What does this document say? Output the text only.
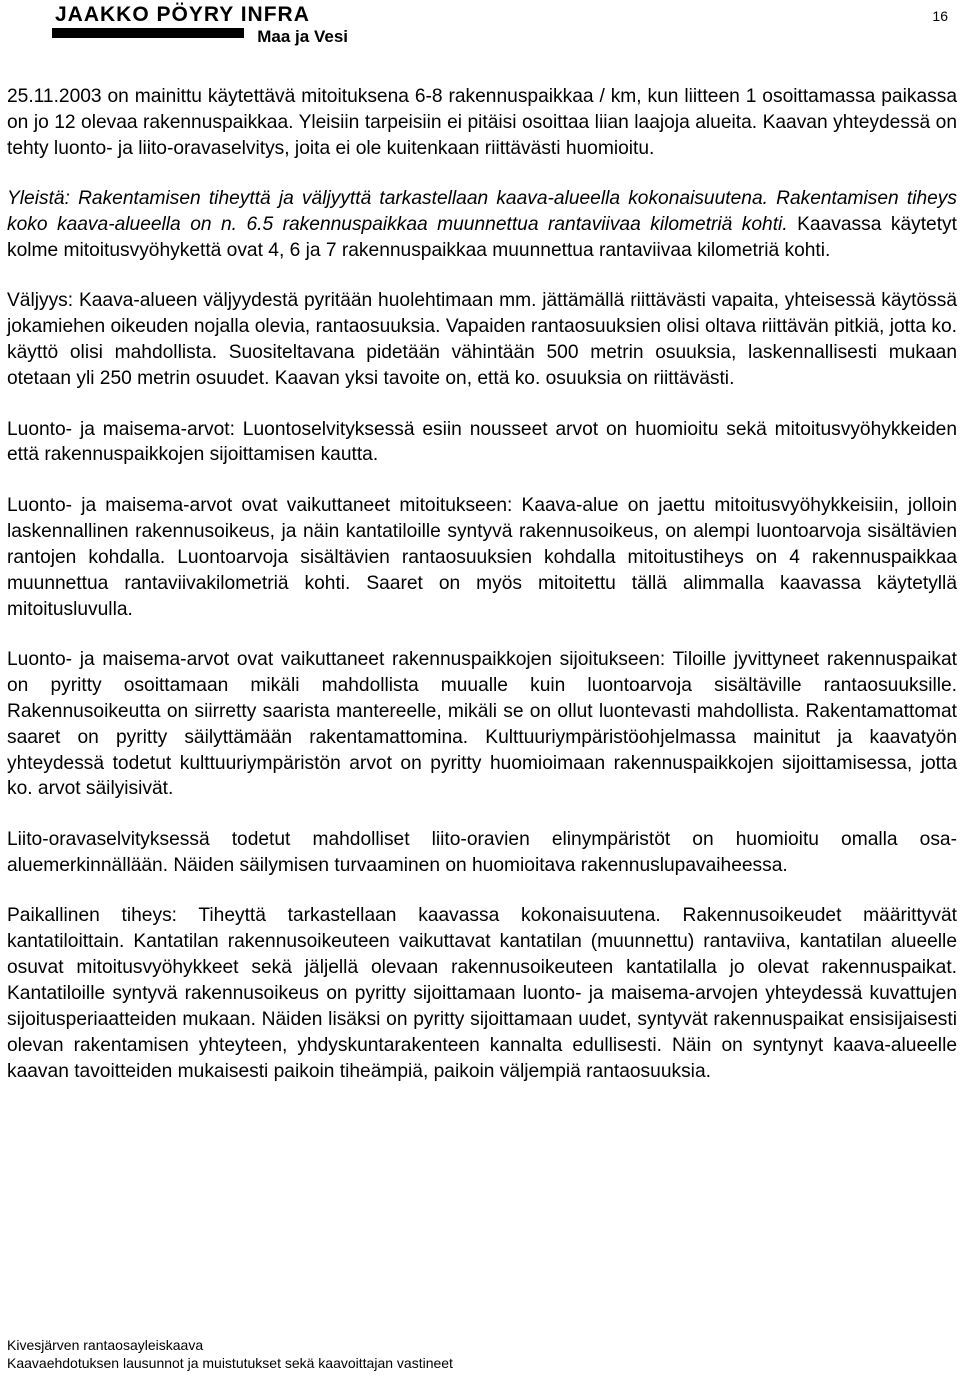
JAAKKO PÖYRY INFRA
Maa ja Vesi
16

25.11.2003 on mainittu käytettävä mitoituksena 6-8 rakennuspaikkaa / km, kun liitteen 1 osoittamassa paikassa on jo 12 olevaa rakennuspaikkaa. Yleisiin tarpeisiin ei pitäisi osoittaa liian laajoja alueita. Kaavan yhteydessä on tehty luonto- ja liito-oravaselvitys, joita ei ole kuitenkaan riittävästi huomioitu.

Yleistä: Rakentamisen tiheyttä ja väljyyttä tarkastellaan kaava-alueella kokonaisuutena. Rakentamisen tiheys koko kaava-alueella on n. 6.5 rakennuspaikkaa muunnettua rantaviivaa kilometriä kohti. Kaavassa käytetyt kolme mitoitusvyöhykettä ovat 4, 6 ja 7 rakennuspaikkaa muunnettua rantaviivaa kilometriä kohti.

Väljyys: Kaava-alueen väljyydestä pyritään huolehtimaan mm. jättämällä riittävästi vapaita, yhteisessä käytössä jokamiehen oikeuden nojalla olevia, rantaosuuksia. Vapaiden rantaosuuksien olisi oltava riittävän pitkiä, jotta ko. käyttö olisi mahdollista. Suositeltavana pidetään vähintään 500 metrin osuuksia, laskennallisesti mukaan otetaan yli 250 metrin osuudet. Kaavan yksi tavoite on, että ko. osuuksia on riittävästi.

Luonto- ja maisema-arvot: Luontoselvityksessä esiin nousseet arvot on huomioitu sekä mitoitusvyöhykkeiden että rakennuspaikkojen sijoittamisen kautta.

Luonto- ja maisema-arvot ovat vaikuttaneet mitoitukseen: Kaava-alue on jaettu mitoitusvyöhykkeisiin, jolloin laskennallinen rakennusoikeus, ja näin kantatiloille syntyvä rakennusoikeus, on alempi luontoarvoja sisältävien rantojen kohdalla. Luontoarvoja sisältävien rantaosuuksien kohdalla mitoitustiheys on 4 rakennuspaikkaa muunnettua rantaviivakilometriä kohti. Saaret on myös mitoitettu tällä alimmalla kaavassa käytetyllä mitoitusluvulla.

Luonto- ja maisema-arvot ovat vaikuttaneet rakennuspaikkojen sijoitukseen: Tiloille jyvittyneet rakennuspaikat on pyritty osoittamaan mikäli mahdollista muualle kuin luontoarvoja sisältäville rantaosuuksille. Rakennusoikeutta on siirretty saarista mantereelle, mikäli se on ollut luontevasti mahdollista. Rakentamattomat saaret on pyritty säilyttämään rakentamattomina. Kulttuuriympäristöohjelmassa mainitut ja kaavatyön yhteydessä todetut kulttuuriympäristön arvot on pyritty huomioimaan rakennuspaikkojen sijoittamisessa, jotta ko. arvot säilyisivät.

Liito-oravaselvityksessä todetut mahdolliset liito-oravien elinympäristöt on huomioitu omalla osa-aluemerkinnällään. Näiden säilymisen turvaaminen on huomioitava rakennuslupavaiheessa.

Paikallinen tiheys: Tiheyttä tarkastellaan kaavassa kokonaisuutena. Rakennusoikeudet määrittyvät kantatiloittain. Kantatilan rakennusoikeuteen vaikuttavat kantatilan (muunnettu) rantaviiva, kantatilan alueelle osuvat mitoitusvyöhykkeet sekä jäljellä olevaan rakennusoikeuteen kantatilalla jo olevat rakennuspaikat. Kantatiloille syntyvä rakennusoikeus on pyritty sijoittamaan luonto- ja maisema-arvojen yhteydessä kuvattujen sijoitusperiaatteiden mukaan. Näiden lisäksi on pyritty sijoittamaan uudet, syntyvät rakennuspaikat ensisijaisesti olevan rakentamisen yhteyteen, yhdyskuntarakenteen kannalta edullisesti. Näin on syntynyt kaava-alueelle kaavan tavoitteiden mukaisesti paikoin tiheämpiä, paikoin väljempiä rantaosuuksia.

Kivesjärven rantaosayleiskaava
Kaavaehdotuksen lausunnot ja muistutukset sekä kaavoittajan vastineet
